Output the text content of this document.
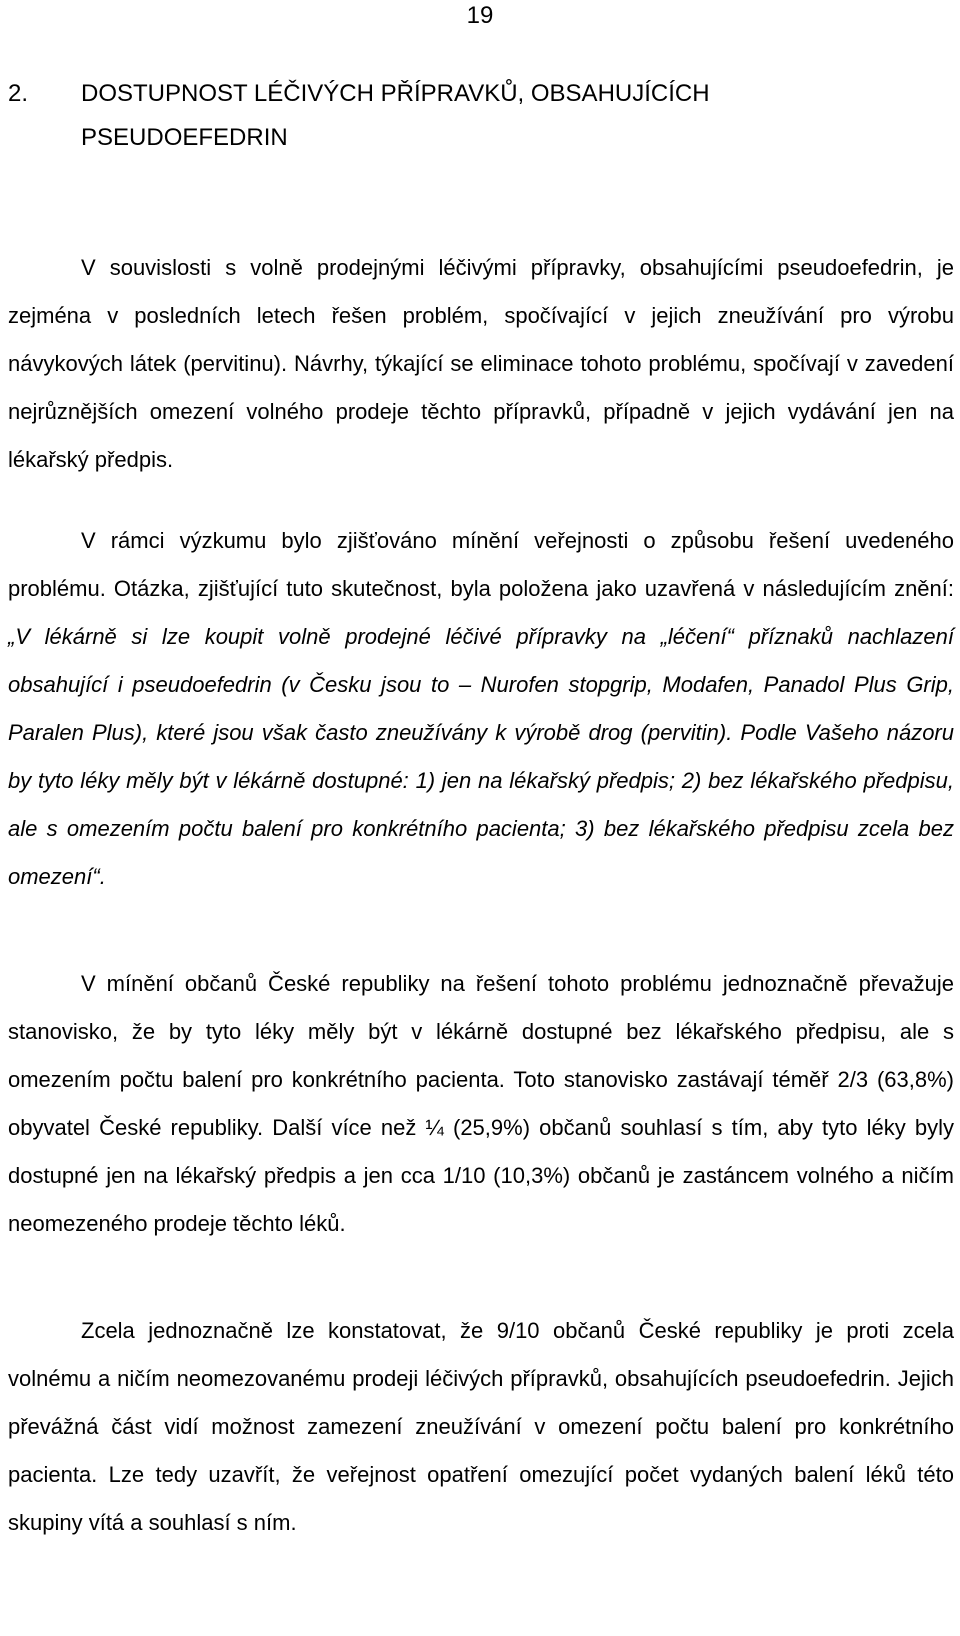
19
2. DOSTUPNOST LÉČIVÝCH PŘÍPRAVKŮ, OBSAHUJÍCÍCH
PSEUDOEFEDRIN

V souvislosti s volně prodejnými léčivými přípravky, obsahujícími pseudoefedrin, je zejména v posledních letech řešen problém, spočívající v jejich zneužívání pro výrobu návykových látek (pervitinu). Návrhy, týkající se eliminace tohoto problému, spočívají v zavedení nejrůznějších omezení volného prodeje těchto přípravků, případně v jejich vydávání jen na lékařský předpis.

V rámci výzkumu bylo zjišťováno mínění veřejnosti o způsobu řešení uvedeného problému. Otázka, zjišťující tuto skutečnost, byla položena jako uzavřená v následujícím znění: „V lékárně si lze koupit volně prodejné léčivé přípravky na „léčení“ příznaků nachlazení obsahující i pseudoefedrin (v Česku jsou to – Nurofen stopgrip, Modafen, Panadol Plus Grip, Paralen Plus), které jsou však často zneužívány k výrobě drog (pervitin). Podle Vašeho názoru by tyto léky měly být v lékárně dostupné: 1) jen na lékařský předpis; 2) bez lékařského předpisu, ale s omezením počtu balení pro konkrétního pacienta; 3) bez lékařského předpisu zcela bez omezení“.

V mínění občanů České republiky na řešení tohoto problému jednoznačně převažuje stanovisko, že by tyto léky měly být v lékárně dostupné bez lékařského předpisu, ale s omezením počtu balení pro konkrétního pacienta. Toto stanovisko zastávají téměř 2/3 (63,8%) obyvatel České republiky. Další více než ¼ (25,9%) občanů souhlasí s tím, aby tyto léky byly dostupné jen na lékařský předpis a jen cca 1/10 (10,3%) občanů je zastáncem volného a ničím neomezeného prodeje těchto léků.

Zcela jednoznačně lze konstatovat, že 9/10 občanů České republiky je proti zcela volnému a ničím neomezovanému prodeji léčivých přípravků, obsahujících pseudoefedrin. Jejich převážná část vidí možnost zamezení zneužívání v omezení počtu balení pro konkrétního pacienta. Lze tedy uzavřít, že veřejnost opatření omezující počet vydaných balení léků této skupiny vítá a souhlasí s ním.
